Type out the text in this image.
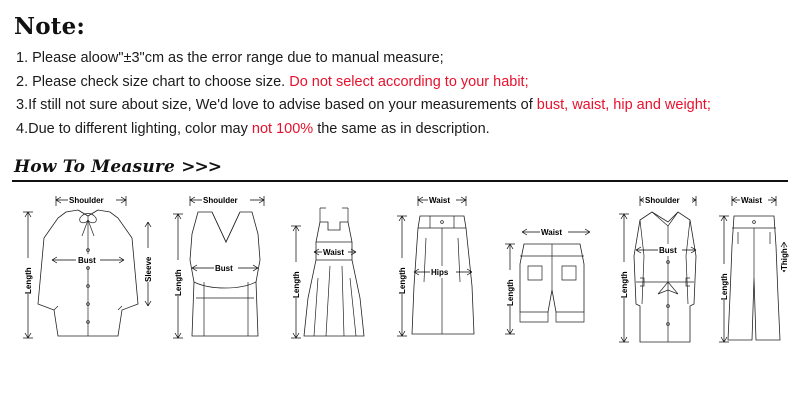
Note:
1. Please aloow"±3"cm as the error range due to manual measure;
2. Please check size chart to choose size. Do not select according to your habit;
3.If still not sure about size, We'd love to advise based on your measurements of bust, waist, hip and weight;
4.Due to different lighting, color may not 100% the same as in description.
How To Measure >>>
Shoulder
Length	Sleeve
Bust
Shoulder
Length
Bust
Length
Waist
Waist
Length	Hips
Waist
Length
Shoulder
Length
Bust
Waist
Length
Thigh
